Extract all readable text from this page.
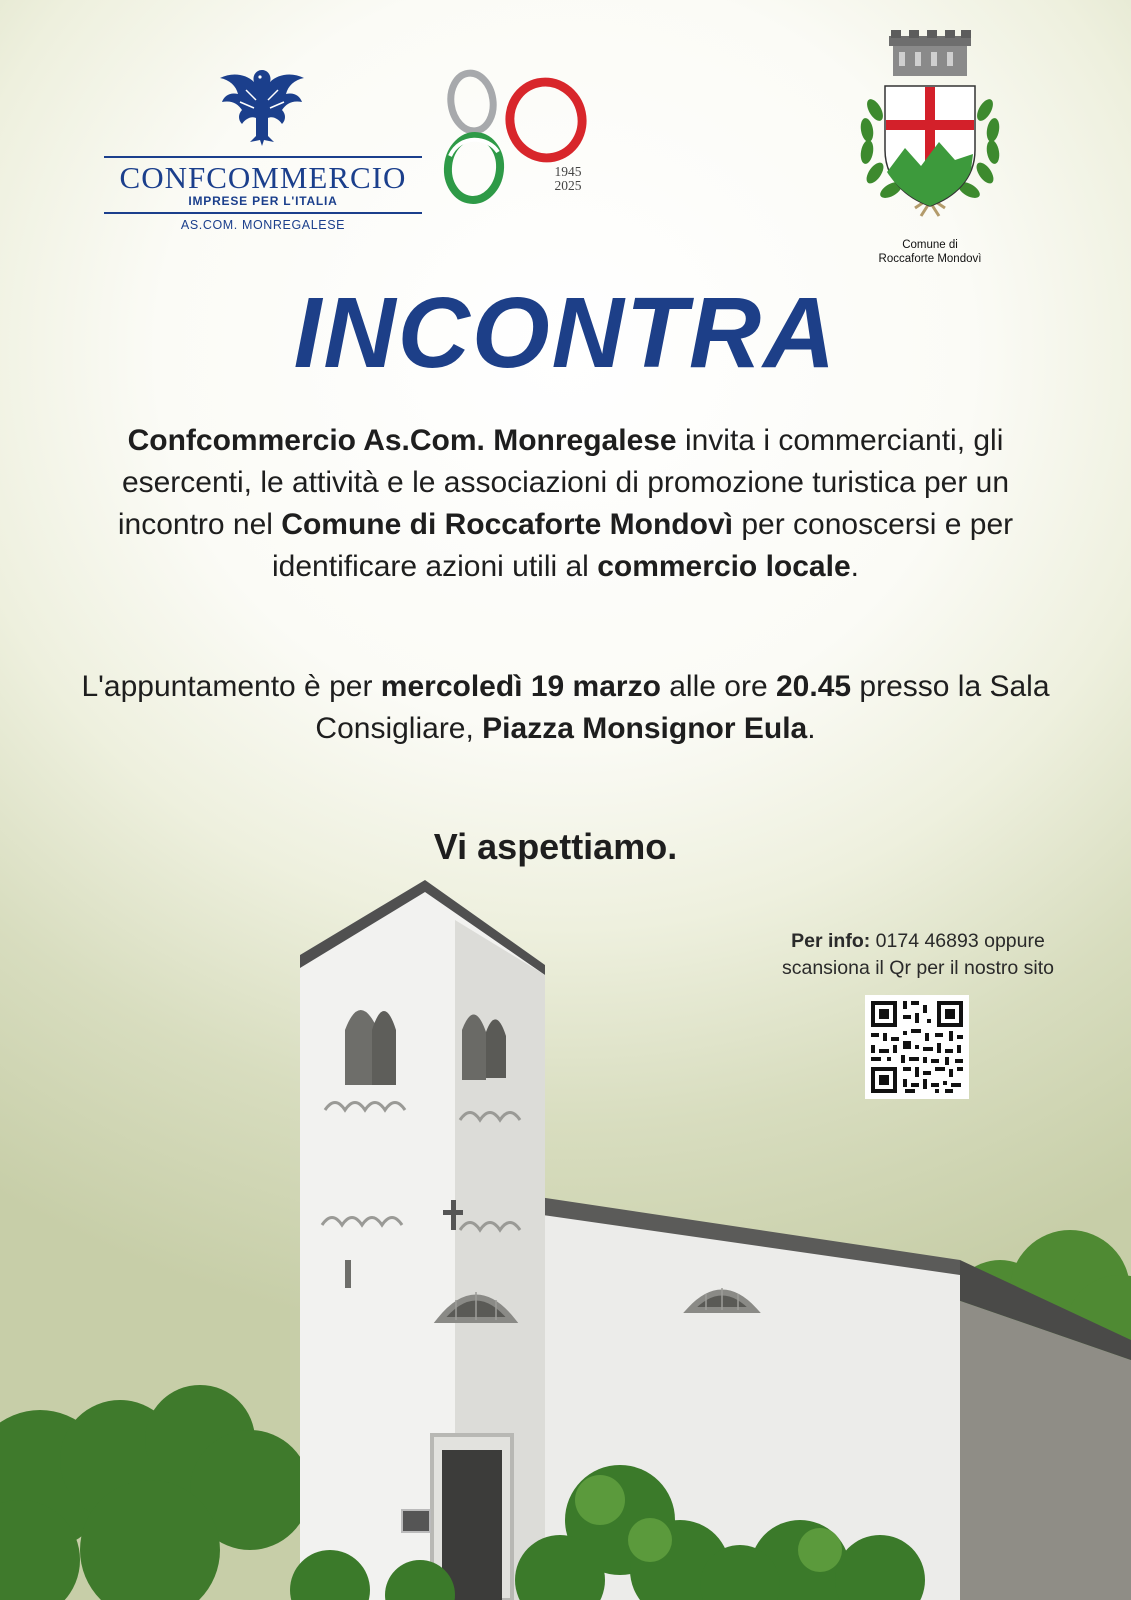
CONFCOMMERCIO
IMPRESE PER L'ITALIA
AS.COM. MONREGALESE
1945
2025
Comune di
Roccaforte Mondovì
INCONTRA
Confcommercio As.Com. Monregalese invita i commercianti, gli esercenti, le attività e le associazioni di promozione turistica per un incontro nel Comune di Roccaforte Mondovì per conoscersi e per identificare azioni utili al commercio locale.
L'appuntamento è per mercoledì 19 marzo alle ore 20.45 presso la Sala Consigliare, Piazza Monsignor Eula.
Vi aspettiamo.
Per info: 0174 46893 oppure
scansiona il Qr per il nostro sito
